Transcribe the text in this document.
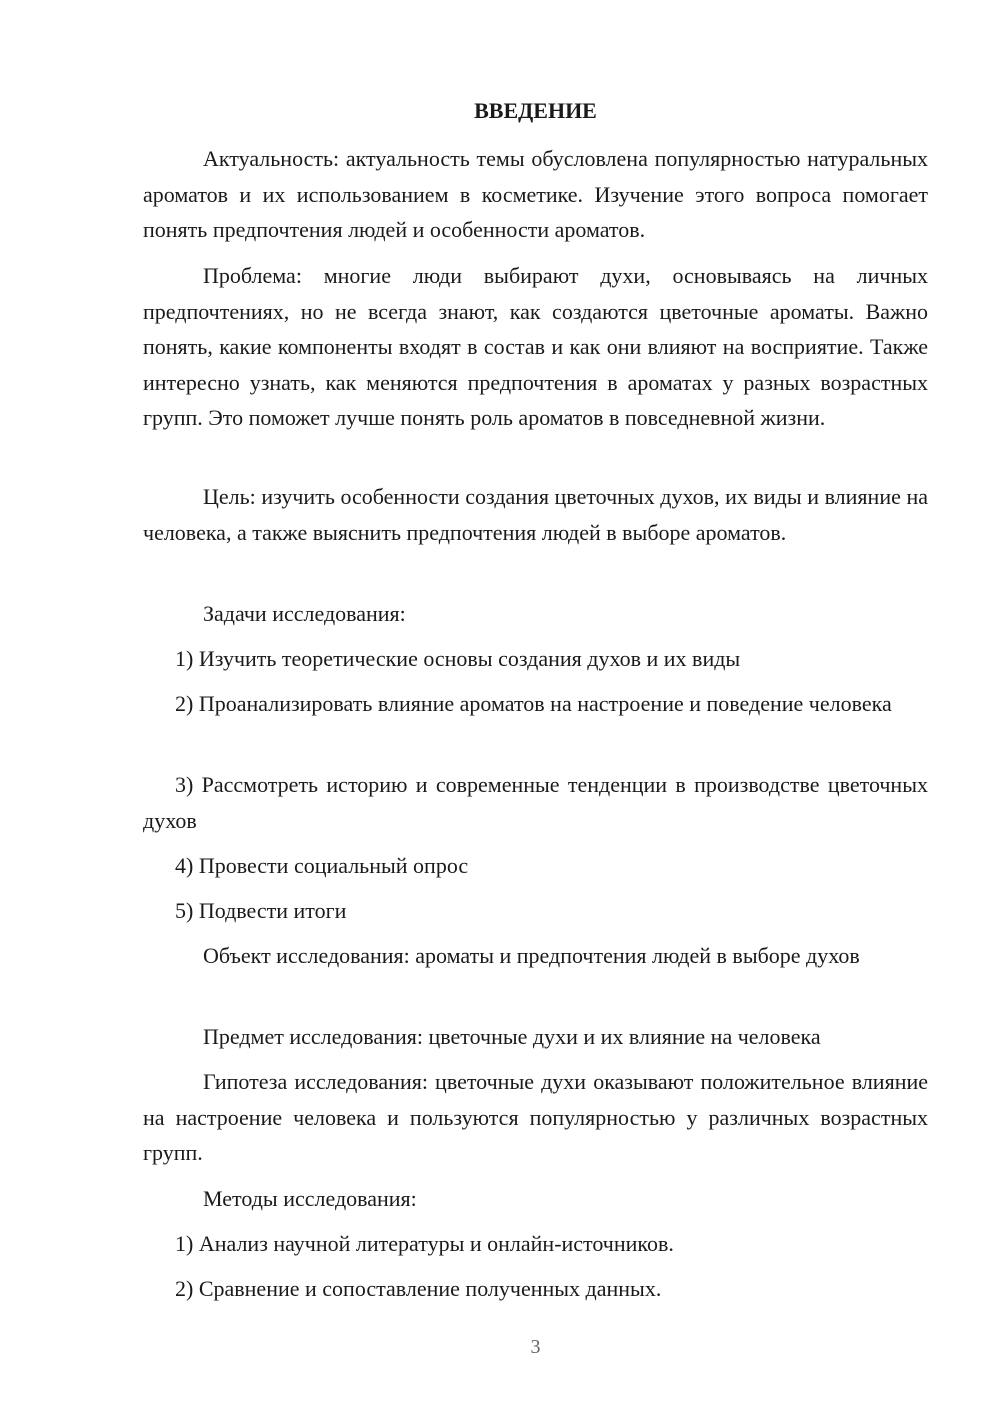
ВВЕДЕНИЕ

Актуальность: актуальность темы обусловлена популярностью натуральных ароматов и их использованием в косметике. Изучение этого вопроса помогает понять предпочтения людей и особенности ароматов.

Проблема: многие люди выбирают духи, основываясь на личных предпочтениях, но не всегда знают, как создаются цветочные ароматы. Важно понять, какие компоненты входят в состав и как они влияют на восприятие. Также интересно узнать, как меняются предпочтения в ароматах у разных возрастных групп. Это поможет лучше понять роль ароматов в повседневной жизни.

Цель: изучить особенности создания цветочных духов, их виды и влияние на человека, а также выяснить предпочтения людей в выборе ароматов.

Задачи исследования:

1) Изучить теоретические основы создания духов и их виды

2) Проанализировать влияние ароматов на настроение и поведение человека

3) Рассмотреть историю и современные тенденции в производстве цветочных духов

4) Провести социальный опрос

5) Подвести итоги

Объект исследования: ароматы и предпочтения людей в выборе духов

Предмет исследования: цветочные духи и их влияние на человека

Гипотеза исследования: цветочные духи оказывают положительное влияние на настроение человека и пользуются популярностью у различных возрастных групп.

Методы исследования:

1) Анализ научной литературы и онлайн-источников.

2) Сравнение и сопоставление полученных данных.

3
